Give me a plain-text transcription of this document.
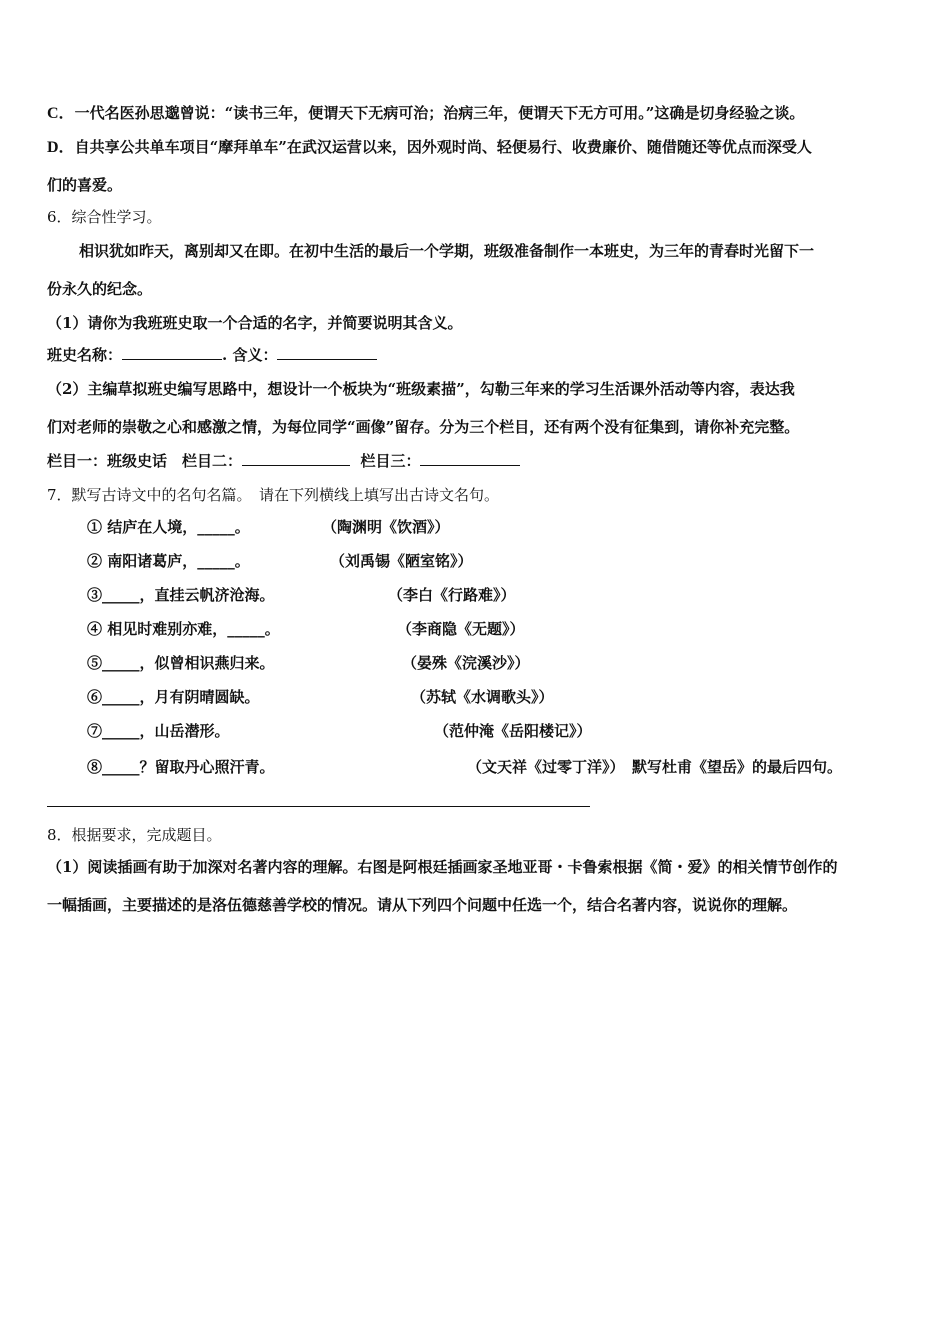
C．一代名医孙思邈曾说：“读书三年，便谓天下无病可治；治病三年，便谓天下无方可用。”这确是切身经验之谈。
D．自共享公共单车项目“摩拜单车”在武汉运营以来，因外观时尚、轻便易行、收费廉价、随借随还等优点而深受人
们的喜爱。
6．综合性学习。
相识犹如昨天，离别却又在即。在初中生活的最后一个学期，班级准备制作一本班史，为三年的青春时光留下一
份永久的纪念。
（1）请你为我班班史取一个合适的名字，并简要说明其含义。
班史名称：	. 含义：
（2）主编草拟班史编写思路中，想设计一个板块为“班级素描”，勾勒三年来的学习生活课外活动等内容，表达我
们对老师的崇敬之心和感激之情，为每位同学“画像”留存。分为三个栏目，还有两个没有征集到，请你补充完整。
栏目一：班级史话　栏目二：	栏目三：
7．默写古诗文中的名句名篇。　请在下列横线上填写出古诗文名句。
① 结庐在人境，_____。	（陶渊明《饮酒》）
② 南阳诸葛庐，_____。	（刘禹锡《陋室铭》）
③_____，直挂云帆济沧海。	（李白《行路难》）
④ 相见时难别亦难，_____。	（李商隐《无题》）
⑤_____，似曾相识燕归来。	（晏殊《浣溪沙》）
⑥_____，月有阴晴圆缺。	（苏轼《水调歌头》）
⑦_____，山岳潜形。	（范仲淹《岳阳楼记》）
⑧_____？留取丹心照汗青。	（文天祥《过零丁洋》）　默写杜甫《望岳》的最后四句。
8．根据要求，完成题目。
（1）阅读插画有助于加深对名著内容的理解。右图是阿根廷插画家圣地亚哥・卡鲁索根据《简・爱》的相关情节创作的
一幅插画，主要描述的是洛伍德慈善学校的情况。请从下列四个问题中任选一个，结合名著内容，说说你的理解。
